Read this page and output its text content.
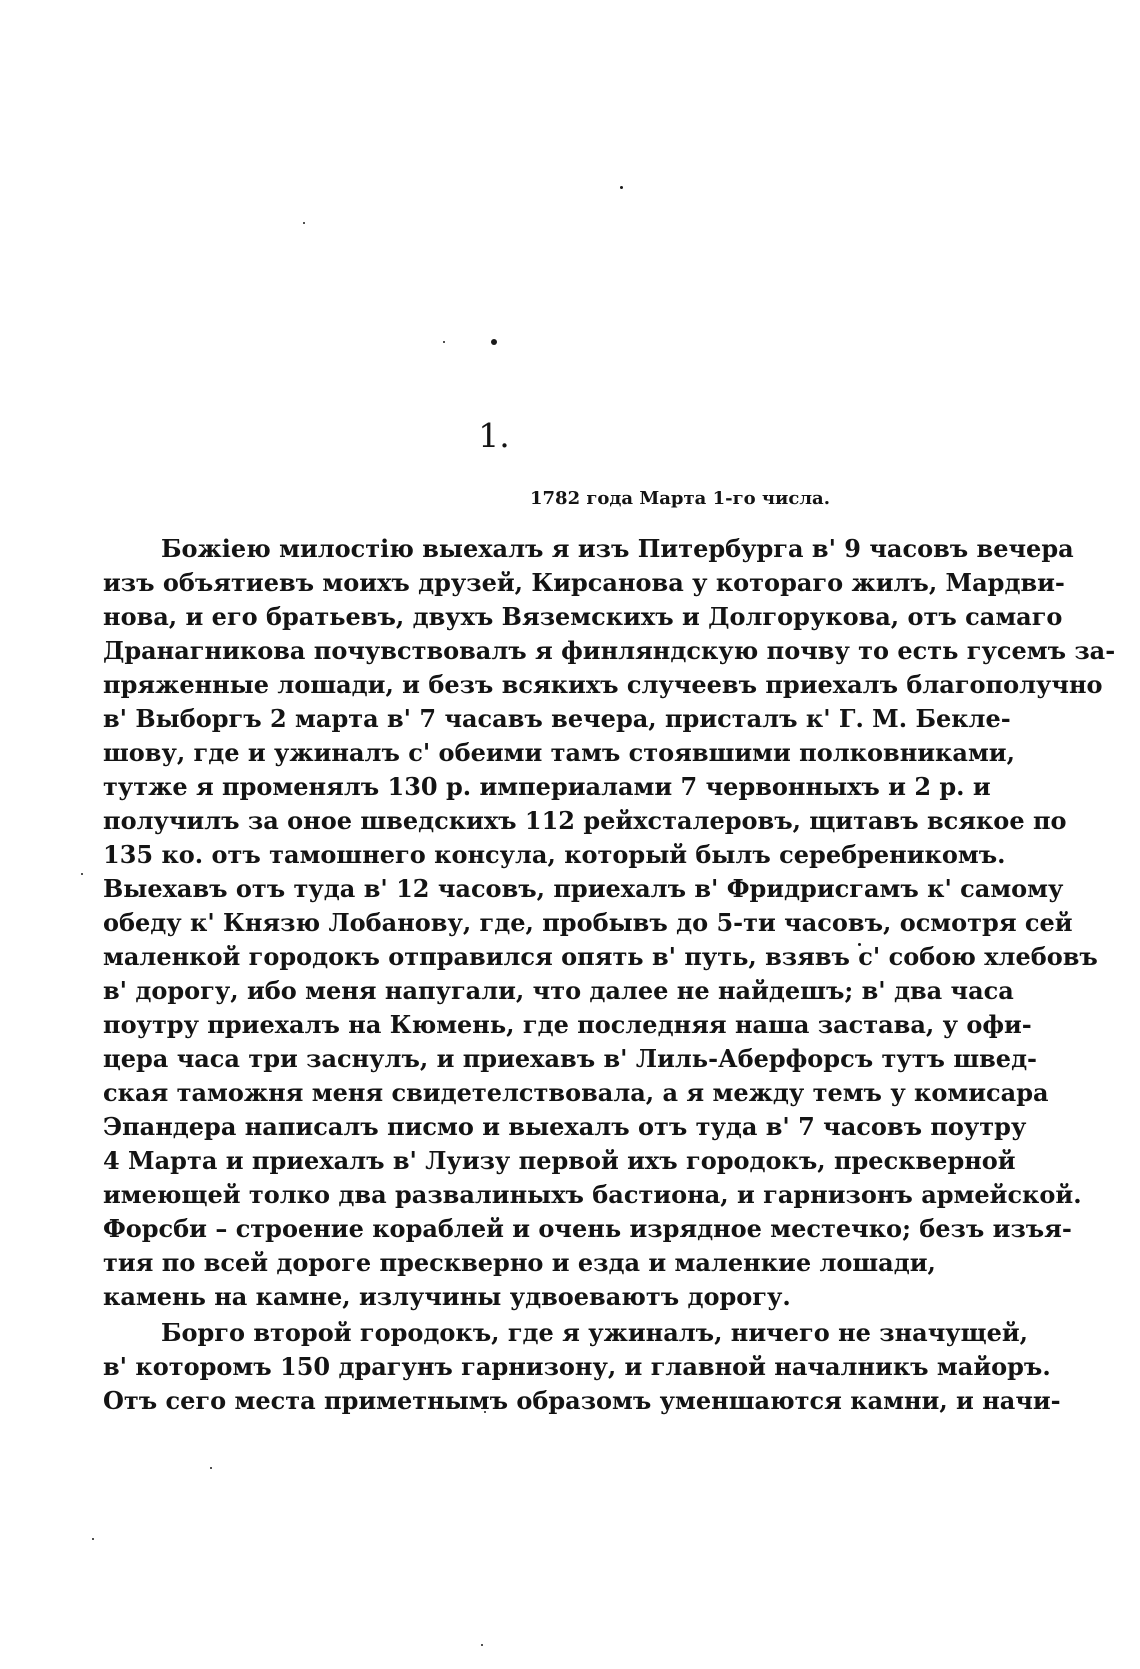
1.

1782 года Марта 1-го числа.

Божіею милостію выехалъ я изъ Питербурга в' 9 часовъ вечера
изъ объятиевъ моихъ друзей, Кирсанова у котораго жилъ, Мардви-
нова, и его братьевъ, двухъ Вяземскихъ и Долгорукова, отъ самаго
Дранагникова почувствовалъ я финляндскую почву то есть гусемъ за-
пряженные лошади, и безъ всякихъ случеевъ приехалъ благополучно
в' Выборгъ 2 марта в' 7 часавъ вечера, присталъ к' Г. М. Бекле-
шову, где и ужиналъ с' обеими тамъ стоявшими полковниками,
тутже я променялъ 130 р. империалами 7 червонныхъ и 2 р. и
получилъ за оное шведскихъ 112 рейхсталеровъ, щитавъ всякое по
135 ко. отъ тамошнего консула, который былъ серебреникомъ.
Выехавъ отъ туда в' 12 часовъ, приехалъ в' Фридрисгамъ к' самому
обеду к' Князю Лобанову, где, пробывъ до 5-ти часовъ, осмотря сей
маленкой городокъ отправился опять в' путь, взявъ с' собою хлебовъ
в' дорогу, ибо меня напугали, что далее не найдешъ; в' два часа
поутру приехалъ на Кюмень, где последняя наша застава, у офи-
цера часа три заснулъ, и приехавъ в' Лиль-Аберфорсъ тутъ швед-
ская таможня меня свидетелствовала, а я между темъ у комисара
Эпандера написалъ писмо и выехалъ отъ туда в' 7 часовъ поутру
4 Марта и приехалъ в' Луизу первой ихъ городокъ, прескверной
имеющей толко два развалиныхъ бастиона, и гарнизонъ армейской.
Форсби – строение кораблей и очень изрядное местечко; безъ изъя-
тия по всей дороге прескверно и езда и маленкие лошади,
камень на камне, излучины удвоеваютъ дорогу.
Борго второй городокъ, где я ужиналъ, ничего не значущей,
в' которомъ 150 драгунъ гарнизону, и главной началникъ майоръ.
Отъ сего места приметнымъ образомъ уменшаются камни, и начи-
